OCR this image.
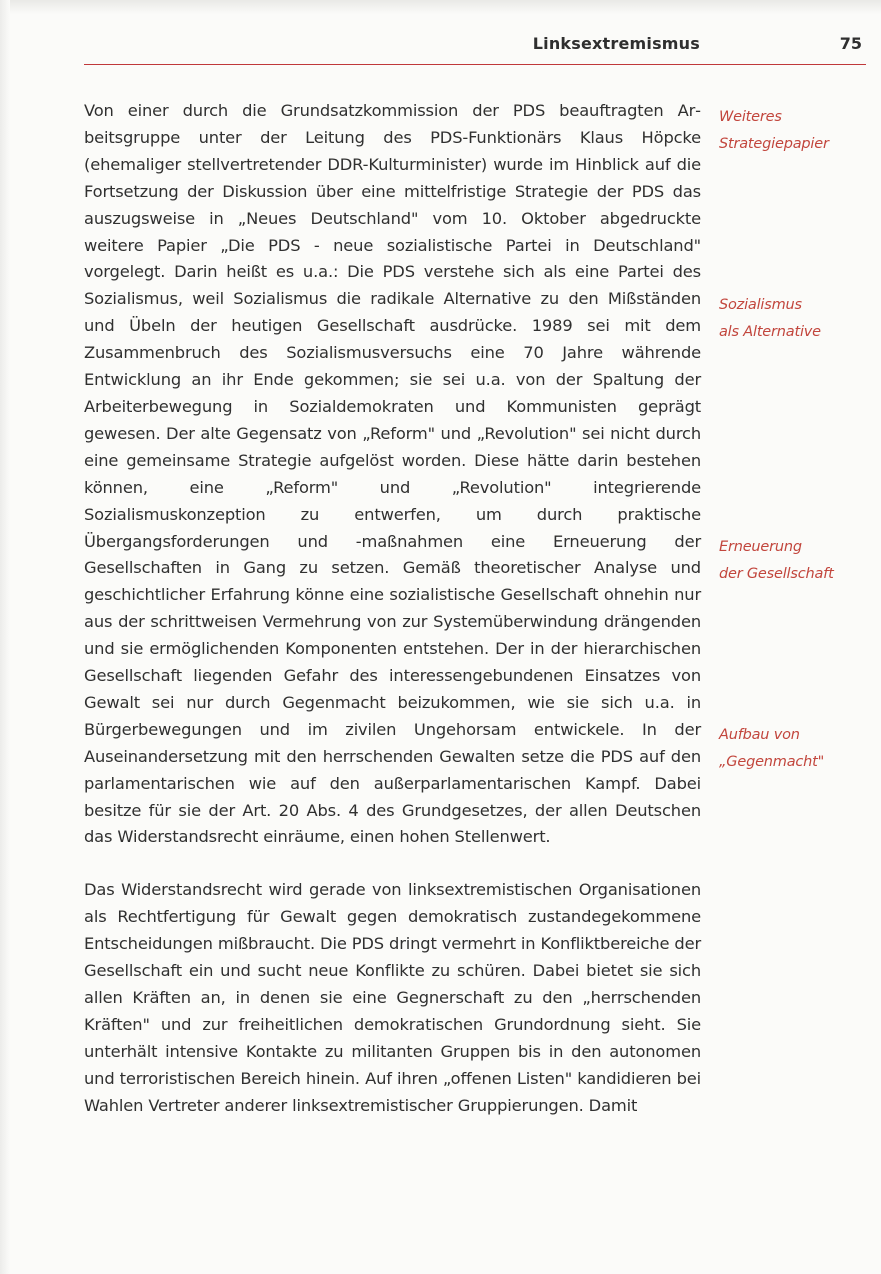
Linksextremismus	75

Von einer durch die Grundsatzkommission der PDS beauftragten Arbeitsgruppe unter der Leitung des PDS-Funktionärs Klaus Höpcke (ehemaliger stellvertretender DDR-Kulturminister) wurde im Hinblick auf die Fortsetzung der Diskussion über eine mittelfristige Strategie der PDS das auszugsweise in „Neues Deutschland" vom 10. Oktober abgedruckte weitere Papier „Die PDS - neue sozialistische Partei in Deutschland" vorgelegt. Darin heißt es u.a.: Die PDS verstehe sich als eine Partei des Sozialismus, weil Sozialismus die radikale Alternative zu den Mißständen und Übeln der heutigen Gesellschaft ausdrücke. 1989 sei mit dem Zusammenbruch des Sozialismusversuchs eine 70 Jahre währende Entwicklung an ihr Ende gekommen; sie sei u.a. von der Spaltung der Arbeiterbewegung in Sozialdemokraten und Kommunisten geprägt gewesen. Der alte Gegensatz von „Reform" und „Revolution" sei nicht durch eine gemeinsame Strategie aufgelöst worden. Diese hätte darin bestehen können, eine „Reform" und „Revolution" integrierende Sozialismuskonzeption zu entwerfen, um durch praktische Übergangsforderungen und -maßnahmen eine Erneuerung der Gesellschaften in Gang zu setzen. Gemäß theoretischer Analyse und geschichtlicher Erfahrung könne eine sozialistische Gesellschaft ohnehin nur aus der schrittweisen Vermehrung von zur Systemüberwindung drängenden und sie ermöglichenden Komponenten entstehen. Der in der hierarchischen Gesellschaft liegenden Gefahr des interessengebundenen Einsatzes von Gewalt sei nur durch Gegenmacht beizukommen, wie sie sich u.a. in Bürgerbewegungen und im zivilen Ungehorsam entwickele. In der Auseinandersetzung mit den herrschenden Gewalten setze die PDS auf den parlamentarischen wie auf den außerparlamentarischen Kampf. Dabei besitze für sie der Art. 20 Abs. 4 des Grundgesetzes, der allen Deutschen das Widerstandsrecht einräume, einen hohen Stellenwert.

Das Widerstandsrecht wird gerade von linksextremistischen Organisationen als Rechtfertigung für Gewalt gegen demokratisch zustandegekommene Entscheidungen mißbraucht. Die PDS dringt vermehrt in Konfliktbereiche der Gesellschaft ein und sucht neue Konflikte zu schüren. Dabei bietet sie sich allen Kräften an, in denen sie eine Gegnerschaft zu den „herrschenden Kräften" und zur freiheitlichen demokratischen Grundordnung sieht. Sie unterhält intensive Kontakte zu militanten Gruppen bis in den autonomen und terroristischen Bereich hinein. Auf ihren „offenen Listen" kandidieren bei Wahlen Vertreter anderer linksextremistischer Gruppierungen. Damit

Weiteres
Strategiepapier
Sozialismus
als Alternative
Erneuerung
der Gesellschaft
Aufbau von
„Gegenmacht"
